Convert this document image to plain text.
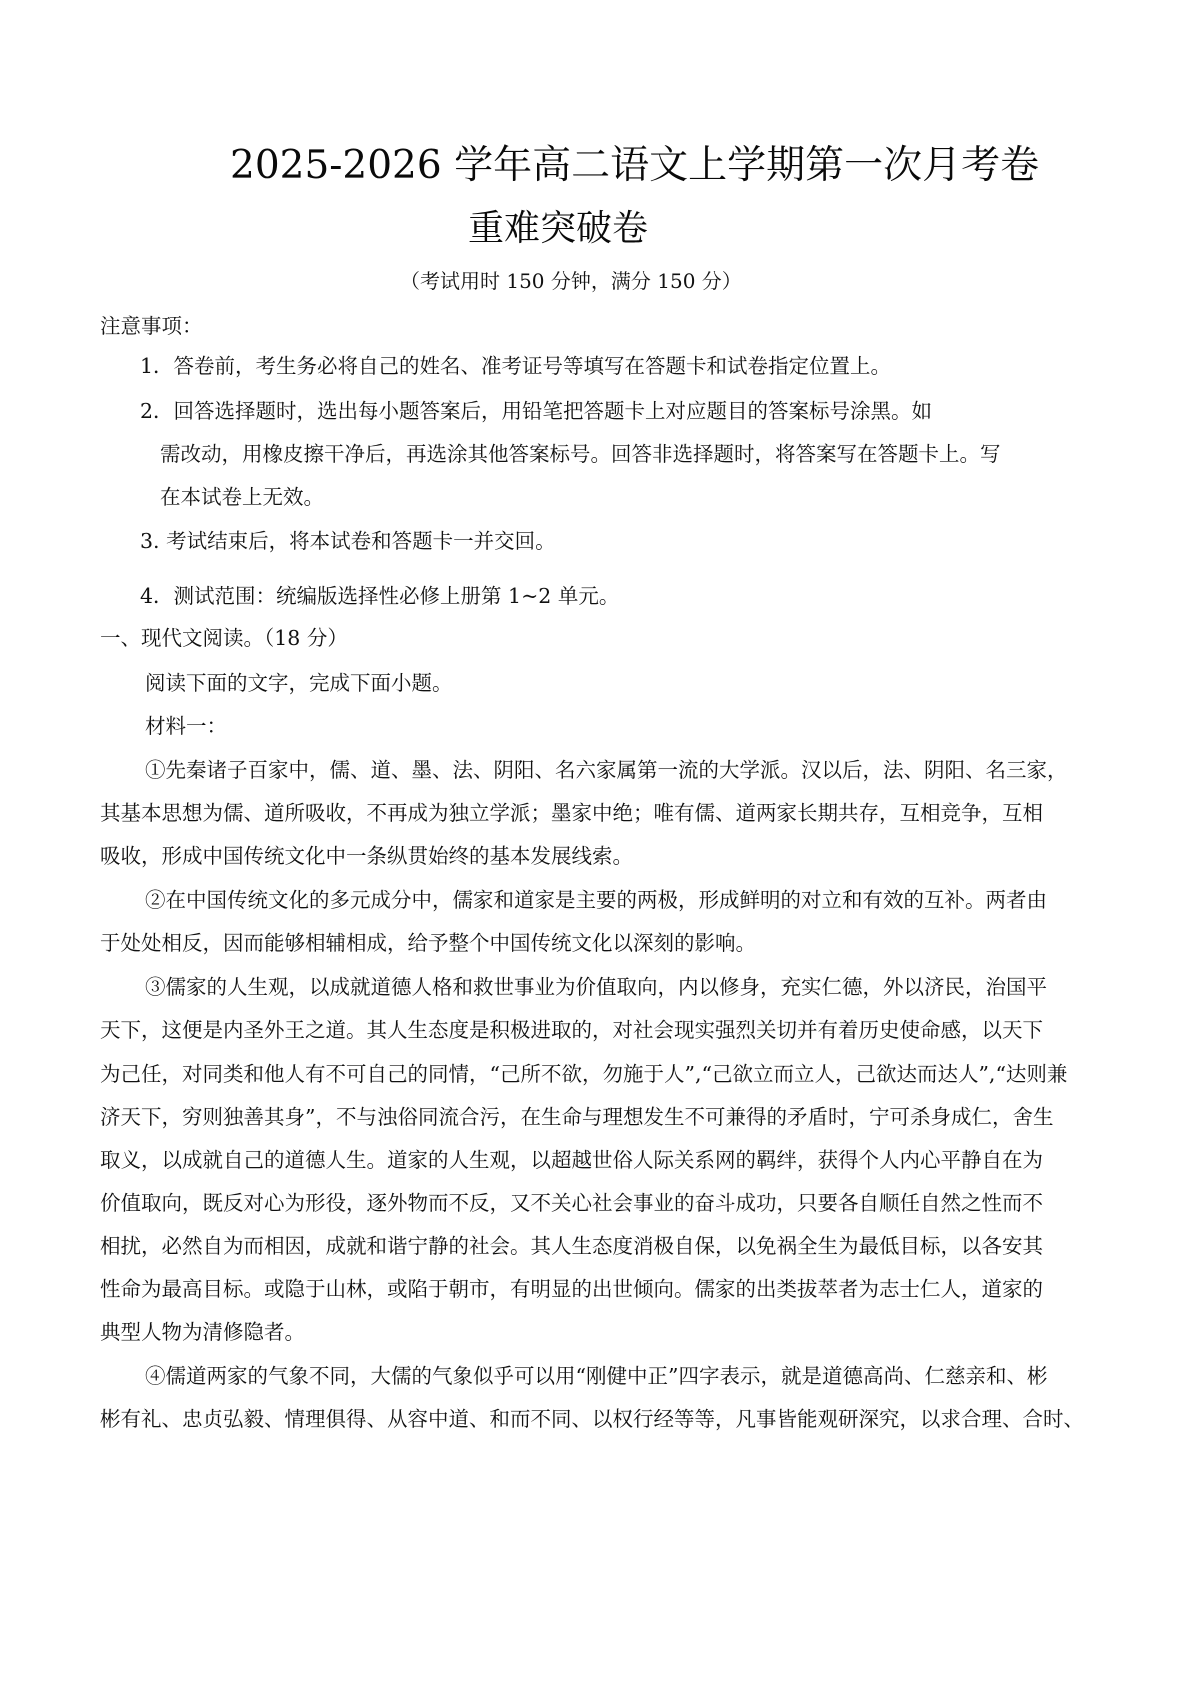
2025-2026 学年高二语文上学期第一次月考卷
重难突破卷
（考试用时 150 分钟，满分 150 分）
注意事项：
1．答卷前，考生务必将自己的姓名、准考证号等填写在答题卡和试卷指定位置上。
2．回答选择题时，选出每小题答案后，用铅笔把答题卡上对应题目的答案标号涂黑。如
需改动，用橡皮擦干净后，再选涂其他答案标号。回答非选择题时，将答案写在答题卡上。写
在本试卷上无效。
3. 考试结束后，将本试卷和答题卡一并交回。
4．测试范围：统编版选择性必修上册第 1~2 单元。
一、现代文阅读。（18 分）
阅读下面的文字，完成下面小题。
材料一：
①先秦诸子百家中，儒、道、墨、法、阴阳、名六家属第一流的大学派。汉以后，法、阴阳、名三家，
其基本思想为儒、道所吸收，不再成为独立学派；墨家中绝；唯有儒、道两家长期共存，互相竞争，互相
吸收，形成中国传统文化中一条纵贯始终的基本发展线索。
②在中国传统文化的多元成分中，儒家和道家是主要的两极，形成鲜明的对立和有效的互补。两者由
于处处相反，因而能够相辅相成，给予整个中国传统文化以深刻的影响。
③儒家的人生观，以成就道德人格和救世事业为价值取向，内以修身，充实仁德，外以济民，治国平
天下，这便是内圣外王之道。其人生态度是积极进取的，对社会现实强烈关切并有着历史使命感，以天下
为己任，对同类和他人有不可自己的同情，“己所不欲，勿施于人”,“己欲立而立人，己欲达而达人”,“达则兼
济天下，穷则独善其身”，不与浊俗同流合污，在生命与理想发生不可兼得的矛盾时，宁可杀身成仁，舍生
取义，以成就自己的道德人生。道家的人生观，以超越世俗人际关系网的羁绊，获得个人内心平静自在为
价值取向，既反对心为形役，逐外物而不反，又不关心社会事业的奋斗成功，只要各自顺任自然之性而不
相扰，必然自为而相因，成就和谐宁静的社会。其人生态度消极自保，以免祸全生为最低目标，以各安其
性命为最高目标。或隐于山林，或陷于朝市，有明显的出世倾向。儒家的出类拔萃者为志士仁人，道家的
典型人物为清修隐者。
④儒道两家的气象不同，大儒的气象似乎可以用“刚健中正”四字表示，就是道德高尚、仁慈亲和、彬
彬有礼、忠贞弘毅、情理俱得、从容中道、和而不同、以权行经等等，凡事皆能观研深究，以求合理、合时、
